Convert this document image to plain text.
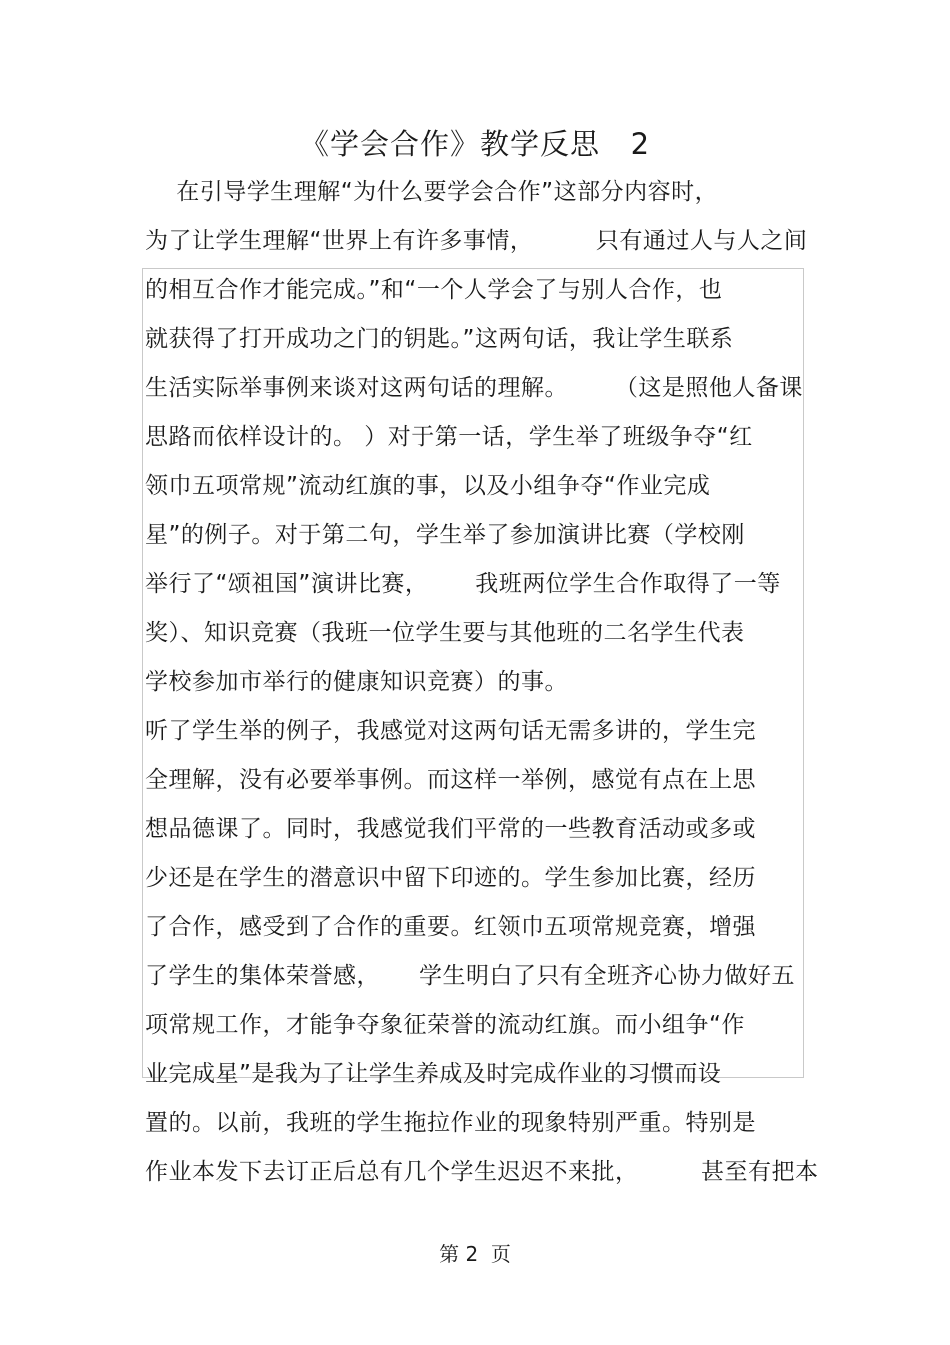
《学会合作》教学反思   2
在引导学生理解“为什么要学会合作”这部分内容时，
为了让学生理解“世界上有许多事情，        只有通过人与人之间
的相互合作才能完成。”和“一个人学会了与别人合作，也
就获得了打开成功之门的钥匙。”这两句话，我让学生联系
生活实际举事例来谈对这两句话的理解。      （这是照他人备课
思路而依样设计的。 ）对于第一话，学生举了班级争夺“红
领巾五项常规”流动红旗的事，以及小组争夺“作业完成
星”的例子。对于第二句，学生举了参加演讲比赛（学校刚
举行了“颂祖国”演讲比赛，      我班两位学生合作取得了一等
奖）、知识竞赛（我班一位学生要与其他班的二名学生代表
学校参加市举行的健康知识竞赛）的事。
听了学生举的例子，我感觉对这两句话无需多讲的，学生完
全理解，没有必要举事例。而这样一举例，感觉有点在上思
想品德课了。同时，我感觉我们平常的一些教育活动或多或
少还是在学生的潜意识中留下印迹的。学生参加比赛，经历
了合作，感受到了合作的重要。红领巾五项常规竞赛，增强
了学生的集体荣誉感，     学生明白了只有全班齐心协力做好五
项常规工作，才能争夺象征荣誉的流动红旗。而小组争“作
业完成星”是我为了让学生养成及时完成作业的习惯而设
置的。以前，我班的学生拖拉作业的现象特别严重。特别是
作业本发下去订正后总有几个学生迟迟不来批，        甚至有把本
第 2  页
